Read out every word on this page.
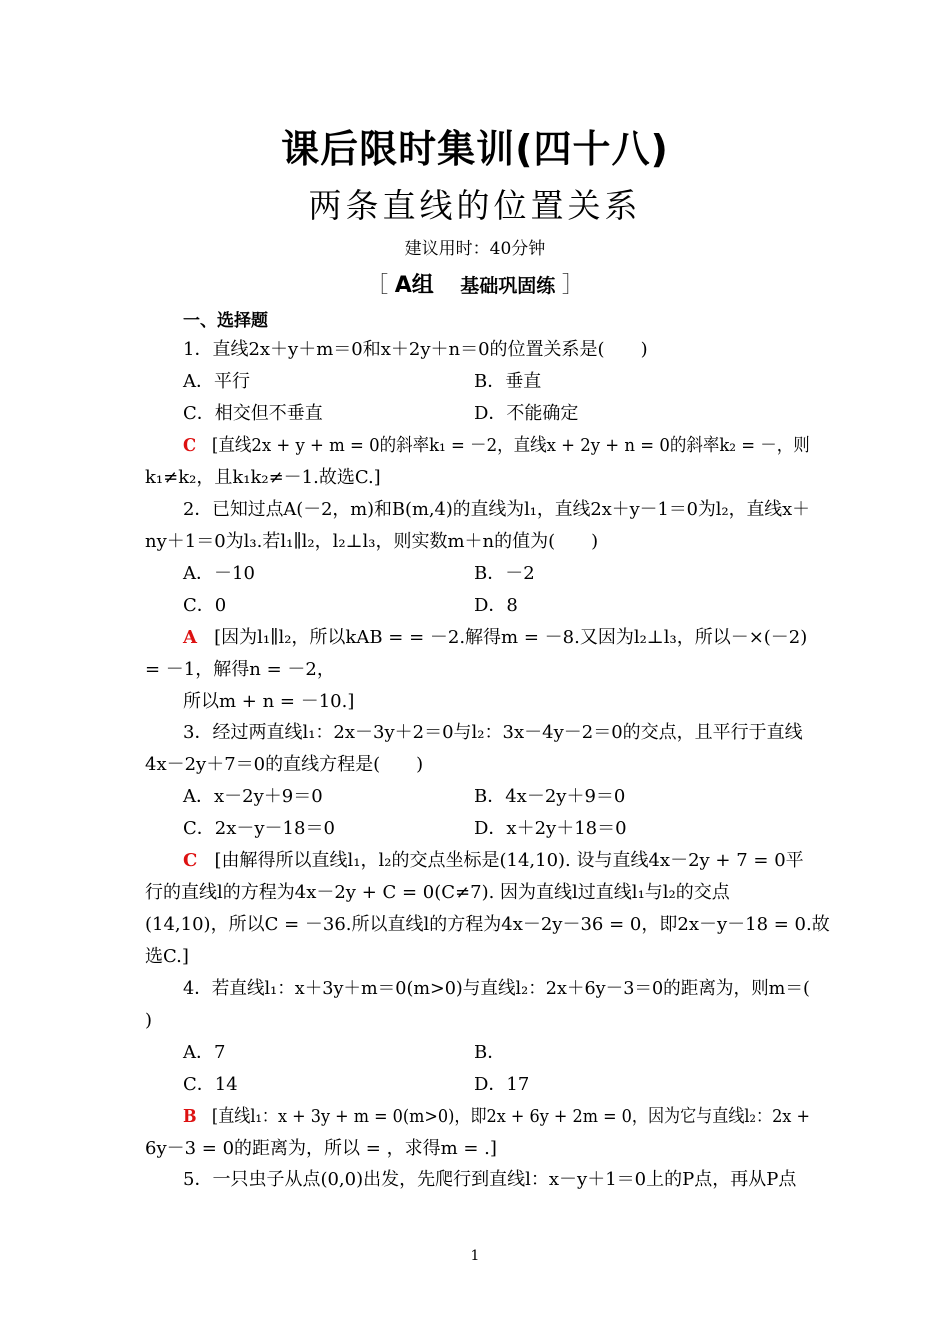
课后限时集训(四十八)
两条直线的位置关系
建议用时：40分钟
［ A组 基础巩固练 ］
一、选择题
1．直线2x＋y＋m＝0和x＋2y＋n＝0的位置关系是(　　)
A．平行	B．垂直
C．相交但不垂直	D．不能确定
C [直线2x + y + m = 0的斜率k₁ = －2，直线x + 2y + n = 0的斜率k₂ = －，则
k₁≠k₂，且k₁k₂≠－1.故选C.]
2．已知过点A(－2，m)和B(m,4)的直线为l₁，直线2x＋y－1＝0为l₂，直线x＋
ny＋1＝0为l₃.若l₁∥l₂，l₂⊥l₃，则实数m＋n的值为(　　)
A．－10	B．－2
C．0	D．8
A [因为l₁∥l₂，所以kAB = = －2.解得m = －8.又因为l₂⊥l₃，所以－×(－2)
= －1，解得n = －2，
所以m + n = －10.]
3．经过两直线l₁：2x－3y＋2＝0与l₂：3x－4y－2＝0的交点，且平行于直线
4x－2y＋7＝0的直线方程是(　　)
A．x－2y＋9＝0	B．4x－2y＋9＝0
C．2x－y－18＝0	D．x＋2y＋18＝0
C [由解得所以直线l₁，l₂的交点坐标是(14,10). 设与直线4x－2y + 7 = 0平
行的直线l的方程为4x－2y + C = 0(C≠7). 因为直线l过直线l₁与l₂的交点
(14,10)，所以C = －36.所以直线l的方程为4x－2y－36 = 0，即2x－y－18 = 0.故
选C.]
4．若直线l₁：x＋3y＋m＝0(m>0)与直线l₂：2x＋6y－3＝0的距离为，则m＝(
)
A．7	B．
C．14	D．17
B [直线l₁：x + 3y + m = 0(m>0)，即2x + 6y + 2m = 0，因为它与直线l₂：2x +
6y－3 = 0的距离为，所以 = ，求得m = .]
5．一只虫子从点(0,0)出发，先爬行到直线l：x－y＋1＝0上的P点，再从P点
1
